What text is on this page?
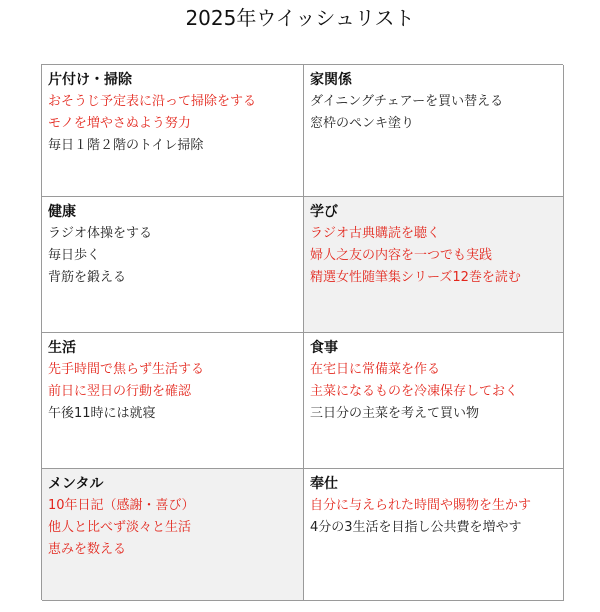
2025年ウイッシュリスト
片付け・掃除
おそうじ予定表に沿って掃除をする
モノを増やさぬよう努力
毎日１階２階のトイレ掃除
家関係
ダイニングチェアーを買い替える
窓枠のペンキ塗り
健康
ラジオ体操をする
毎日歩く
背筋を鍛える
学び
ラジオ古典購読を聴く
婦人之友の内容を一つでも実践
精選女性随筆集シリーズ12巻を読む
生活
先手時間で焦らず生活する
前日に翌日の行動を確認
午後11時には就寝
食事
在宅日に常備菜を作る
主菜になるものを冷凍保存しておく
三日分の主菜を考えて買い物
メンタル
10年日記（感謝・喜び）
他人と比べず淡々と生活
恵みを数える
奉仕
自分に与えられた時間や賜物を生かす
4分の3生活を目指し公共費を増やす
